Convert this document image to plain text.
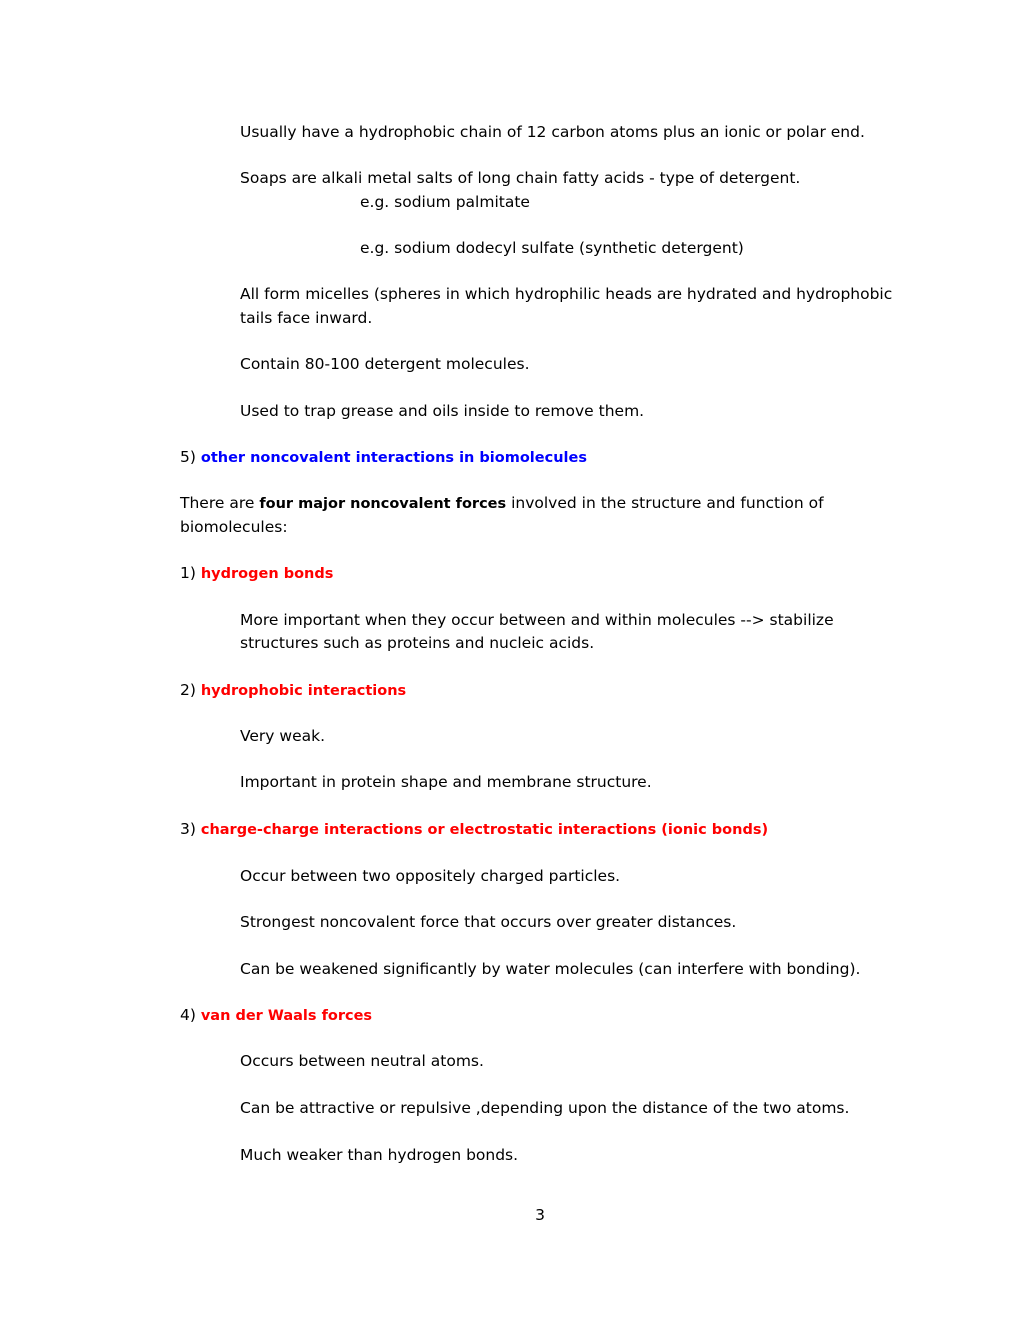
Usually have a hydrophobic chain of 12 carbon atoms plus an ionic or polar end.
Soaps are alkali metal salts of long chain fatty acids - type of detergent.
e.g. sodium palmitate
e.g. sodium dodecyl sulfate (synthetic detergent)
All form micelles (spheres in which hydrophilic heads are hydrated and hydrophobic
tails face inward.
Contain 80-100 detergent molecules.
Used to trap grease and oils inside to remove them.
5) other noncovalent interactions in biomolecules
There are four major noncovalent forces involved in the structure and function of
biomolecules:
1) hydrogen bonds
More important when they occur between and within molecules --> stabilize
structures such as proteins and nucleic acids.
2) hydrophobic interactions
Very weak.
Important in protein shape and membrane structure.
3) charge-charge interactions or electrostatic interactions (ionic bonds)
Occur between two oppositely charged particles.
Strongest noncovalent force that occurs over greater distances.
Can be weakened significantly by water molecules (can interfere with bonding).
4) van der Waals forces
Occurs between neutral atoms.
Can be attractive or repulsive ,depending upon the distance of the two atoms.
Much weaker than hydrogen bonds.
3
